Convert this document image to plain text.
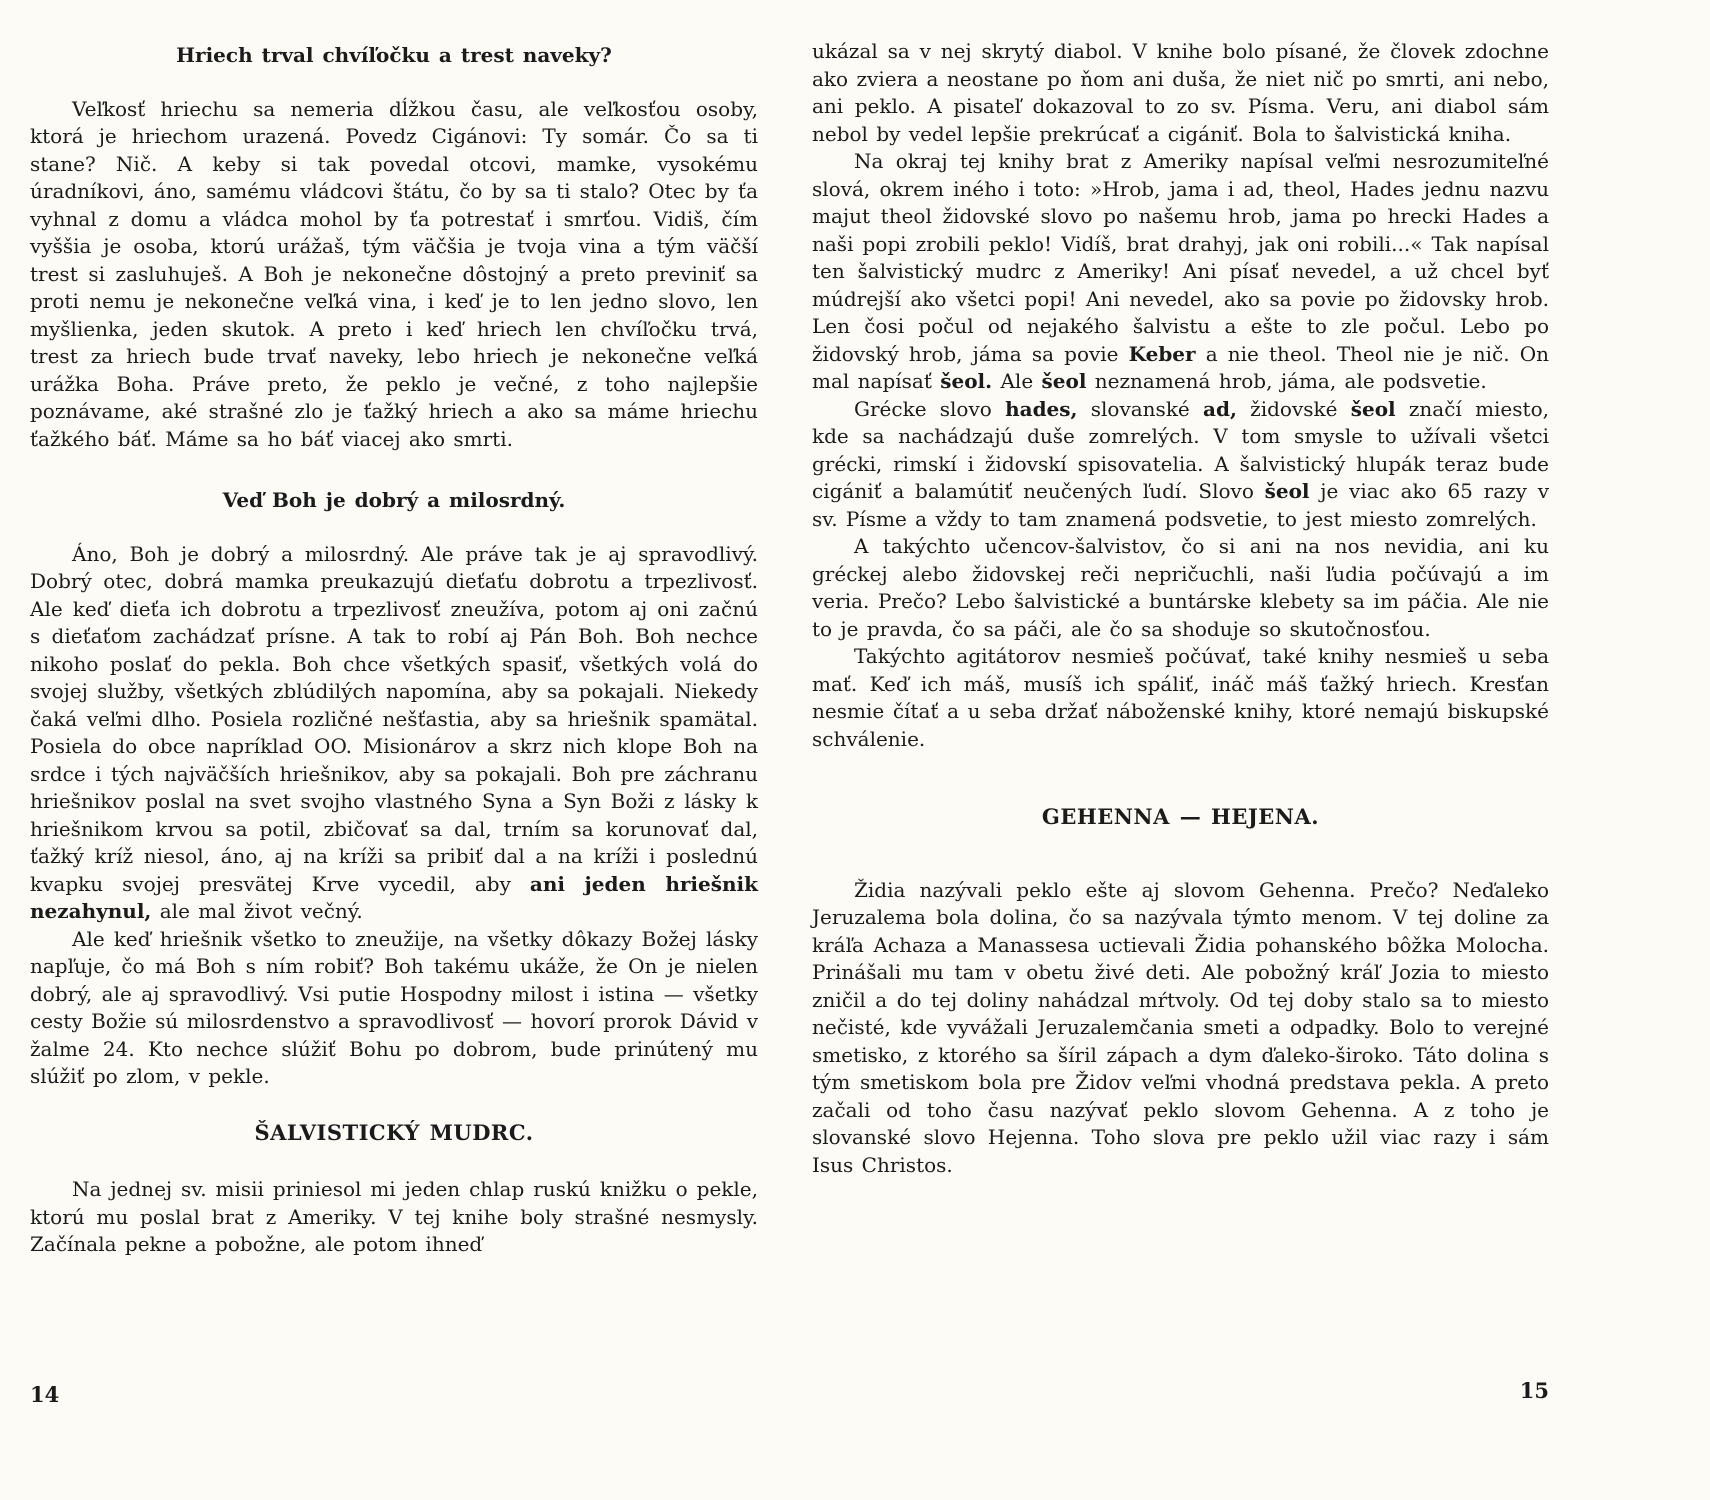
Hriech trval chvíľočku a trest naveky?

Veľkosť hriechu sa nemeria dĺžkou času, ale veľkosťou osoby, ktorá je hriechom urazená. Povedz Cigánovi: Ty somár. Čo sa ti stane? Nič. A keby si tak povedal otcovi, mamke, vysokému úradníkovi, áno, samému vládcovi štátu, čo by sa ti stalo? Otec by ťa vyhnal z domu a vládca mohol by ťa potrestať i smrťou. Vidiš, čím vyššia je osoba, ktorú urážaš, tým väčšia je tvoja vina a tým väčší trest si zasluhuješ. A Boh je nekonečne dôstojný a preto previniť sa proti nemu je nekonečne veľká vina, i keď je to len jedno slovo, len myšlienka, jeden skutok. A preto i keď hriech len chvíľočku trvá, trest za hriech bude trvať naveky, lebo hriech je nekonečne veľká urážka Boha. Práve preto, že peklo je večné, z toho najlepšie poznávame, aké strašné zlo je ťažký hriech a ako sa máme hriechu ťažkého báť. Máme sa ho báť viacej ako smrti.

Veď Boh je dobrý a milosrdný.

Áno, Boh je dobrý a milosrdný. Ale práve tak je aj spravodlivý. Dobrý otec, dobrá mamka preukazujú dieťaťu dobrotu a trpezlivosť. Ale keď dieťa ich dobrotu a trpezlivosť zneužíva, potom aj oni začnú s dieťaťom zachádzať prísne. A tak to robí aj Pán Boh. Boh nechce nikoho poslať do pekla. Boh chce všetkých spasiť, všetkých volá do svojej služby, všetkých zblúdilých napomína, aby sa pokajali. Niekedy čaká veľmi dlho. Posiela rozličné nešťastia, aby sa hriešnik spamätal. Posiela do obce napríklad OO. Misionárov a skrz nich klope Boh na srdce i tých najväčších hriešnikov, aby sa pokajali. Boh pre záchranu hriešnikov poslal na svet svojho vlastného Syna a Syn Boži z lásky k hriešnikom krvou sa potil, zbičovať sa dal, trním sa korunovať dal, ťažký kríž niesol, áno, aj na kríži sa pribiť dal a na kríži i poslednú kvapku svojej presvätej Krve vycedil, aby ani jeden hriešnik nezahynul, ale mal život večný.

Ale keď hriešnik všetko to zneužije, na všetky dôkazy Božej lásky napľuje, čo má Boh s ním robiť? Boh takému ukáže, že On je nielen dobrý, ale aj spravodlivý. Vsi putie Hospodny milost i istina — všetky cesty Božie sú milosrdenstvo a spravodlivosť — hovorí prorok Dávid v žalme 24. Kto nechce slúžiť Bohu po dobrom, bude prinútený mu slúžiť po zlom, v pekle.

ŠALVISTICKÝ MUDRC.

Na jednej sv. misii priniesol mi jeden chlap ruskú knižku o pekle, ktorú mu poslal brat z Ameriky. V tej knihe boly strašné nesmysly. Začínala pekne a pobožne, ale potom ihneď

ukázal sa v nej skrytý diabol. V knihe bolo písané, že človek zdochne ako zviera a neostane po ňom ani duša, že niet nič po smrti, ani nebo, ani peklo. A pisateľ dokazoval to zo sv. Písma. Veru, ani diabol sám nebol by vedel lepšie prekrúcať a cigániť. Bola to šalvistická kniha.

Na okraj tej knihy brat z Ameriky napísal veľmi nesrozumiteľné slová, okrem iného i toto: »Hrob, jama i ad, theol, Hades jednu nazvu majut theol židovské slovo po našemu hrob, jama po hrecki Hades a naši popi zrobili peklo! Vidíš, brat drahyj, jak oni robili...« Tak napísal ten šalvistický mudrc z Ameriky! Ani písať nevedel, a už chcel byť múdrejší ako všetci popi! Ani nevedel, ako sa povie po židovsky hrob. Len čosi počul od nejakého šalvistu a ešte to zle počul. Lebo po židovský hrob, jáma sa povie Keber a nie theol. Theol nie je nič. On mal napísať šeol. Ale šeol neznamená hrob, jáma, ale podsvetie.

Grécke slovo hades, slovanské ad, židovské šeol značí miesto, kde sa nachádzajú duše zomrelých. V tom smysle to užívali všetci grécki, rimskí i židovskí spisovatelia. A šalvistický hlupák teraz bude cigániť a balamútiť neučených ľudí. Slovo šeol je viac ako 65 razy v sv. Písme a vždy to tam znamená podsvetie, to jest miesto zomrelých.

A takýchto učencov-šalvistov, čo si ani na nos nevidia, ani ku gréckej alebo židovskej reči nepričuchli, naši ľudia počúvajú a im veria. Prečo? Lebo šalvistické a buntárske klebety sa im páčia. Ale nie to je pravda, čo sa páči, ale čo sa shoduje so skutočnosťou.

Takýchto agitátorov nesmieš počúvať, také knihy nesmieš u seba mať. Keď ich máš, musíš ich spáliť, ináč máš ťažký hriech. Kresťan nesmie čítať a u seba držať náboženské knihy, ktoré nemajú biskupské schválenie.

GEHENNA — HEJENA.

Židia nazývali peklo ešte aj slovom Gehenna. Prečo? Neďaleko Jeruzalema bola dolina, čo sa nazývala týmto menom. V tej doline za kráľa Achaza a Manassesa uctievali Židia pohanského bôžka Molocha. Prinášali mu tam v obetu živé deti. Ale pobožný kráľ Jozia to miesto zničil a do tej doliny nahádzal mŕtvoly. Od tej doby stalo sa to miesto nečisté, kde vyvážali Jeruzalemčania smeti a odpadky. Bolo to verejné smetisko, z ktorého sa šíril zápach a dym ďaleko-široko. Táto dolina s tým smetiskom bola pre Židov veľmi vhodná predstava pekla. A preto začali od toho času nazývať peklo slovom Gehenna. A z toho je slovanské slovo Hejenna. Toho slova pre peklo užil viac razy i sám Isus Christos.

14	15
